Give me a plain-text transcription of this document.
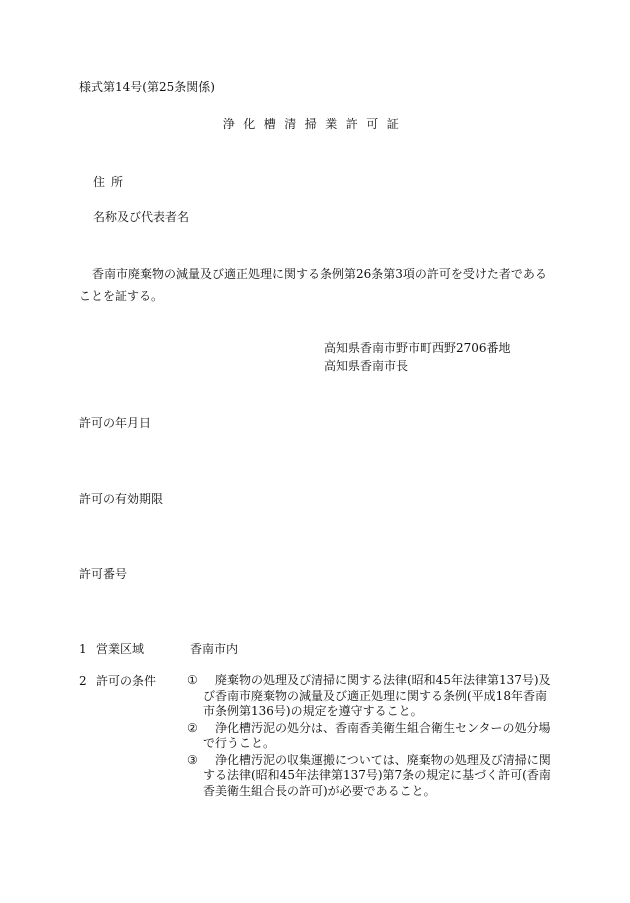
様式第14号(第25条関係)
浄化槽清掃業許可証
住所
名称及び代表者名
香南市廃棄物の減量及び適正処理に関する条例第26条第3項の許可を受けた者であることを証する。
高知県香南市野市町西野2706番地
高知県香南市長
許可の年月日
許可の有効期限
許可番号
1 営業区域	香南市内
2 許可の条件	①	廃棄物の処理及び清掃に関する法律(昭和45年法律第137号)及び香南市廃棄物の減量及び適正処理に関する条例(平成18年香南市条例第136号)の規定を遵守すること。
②	浄化槽汚泥の処分は、香南香美衛生組合衛生センターの処分場で行うこと。
③	浄化槽汚泥の収集運搬については、廃棄物の処理及び清掃に関する法律(昭和45年法律第137号)第7条の規定に基づく許可(香南香美衛生組合長の許可)が必要であること。
